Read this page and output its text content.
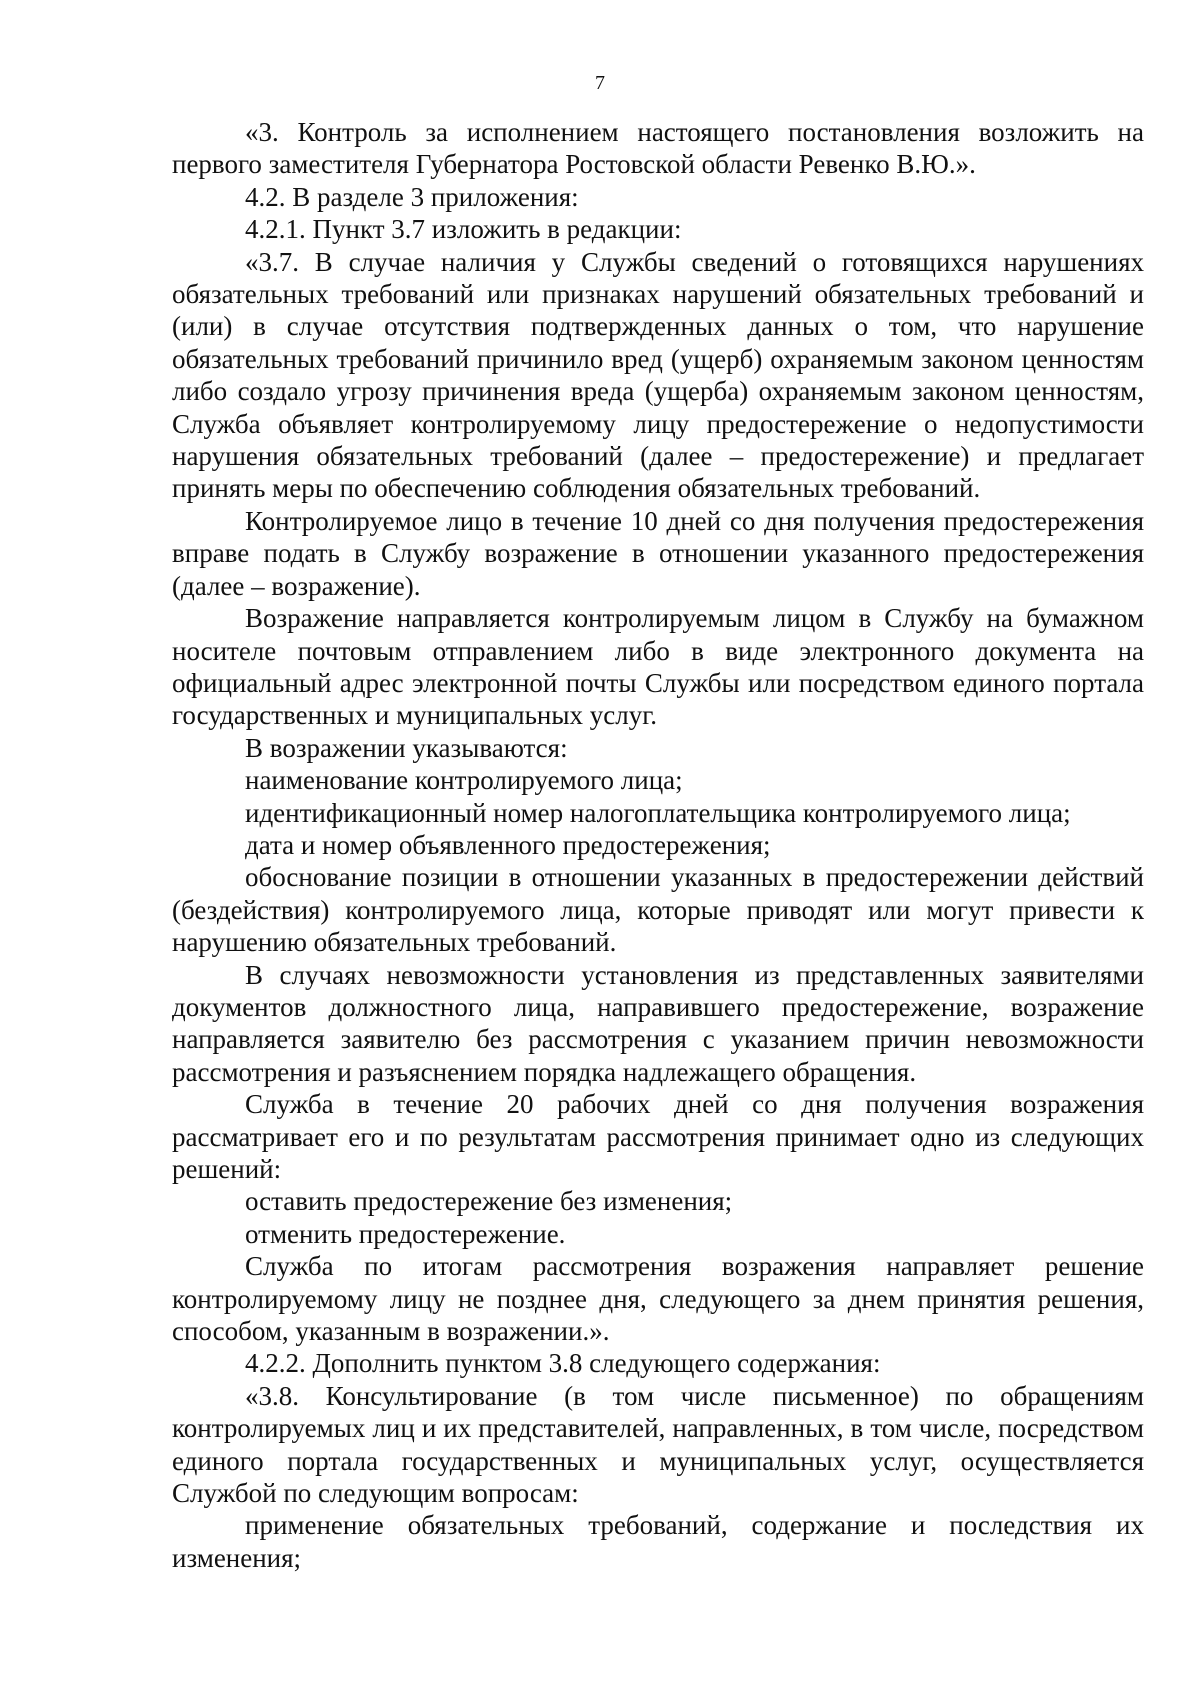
7

«3. Контроль за исполнением настоящего постановления возложить на первого заместителя Губернатора Ростовской области Ревенко В.Ю.».

4.2. В разделе 3 приложения:

4.2.1. Пункт 3.7 изложить в редакции:

«3.7. В случае наличия у Службы сведений о готовящихся нарушениях обязательных требований или признаках нарушений обязательных требований и (или) в случае отсутствия подтвержденных данных о том, что нарушение обязательных требований причинило вред (ущерб) охраняемым законом ценностям либо создало угрозу причинения вреда (ущерба) охраняемым законом ценностям, Служба объявляет контролируемому лицу предостережение о недопустимости нарушения обязательных требований (далее – предостережение) и предлагает принять меры по обеспечению соблюдения обязательных требований.

Контролируемое лицо в течение 10 дней со дня получения предостережения вправе подать в Службу возражение в отношении указанного предостережения (далее – возражение).

Возражение направляется контролируемым лицом в Службу на бумажном носителе почтовым отправлением либо в виде электронного документа на официальный адрес электронной почты Службы или посредством единого портала государственных и муниципальных услуг.

В возражении указываются:

наименование контролируемого лица;

идентификационный номер налогоплательщика контролируемого лица;

дата и номер объявленного предостережения;

обоснование позиции в отношении указанных в предостережении действий (бездействия) контролируемого лица, которые приводят или могут привести к нарушению обязательных требований.

В случаях невозможности установления из представленных заявителями документов должностного лица, направившего предостережение, возражение направляется заявителю без рассмотрения с указанием причин невозможности рассмотрения и разъяснением порядка надлежащего обращения.

Служба в течение 20 рабочих дней со дня получения возражения рассматривает его и по результатам рассмотрения принимает одно из следующих решений:

оставить предостережение без изменения;

отменить предостережение.

Служба по итогам рассмотрения возражения направляет решение контролируемому лицу не позднее дня, следующего за днем принятия решения, способом, указанным в возражении.».

4.2.2. Дополнить пунктом 3.8 следующего содержания:

«3.8. Консультирование (в том числе письменное) по обращениям контролируемых лиц и их представителей, направленных, в том числе, посредством единого портала государственных и муниципальных услуг, осуществляется Службой по следующим вопросам:

применение обязательных требований, содержание и последствия их изменения;
